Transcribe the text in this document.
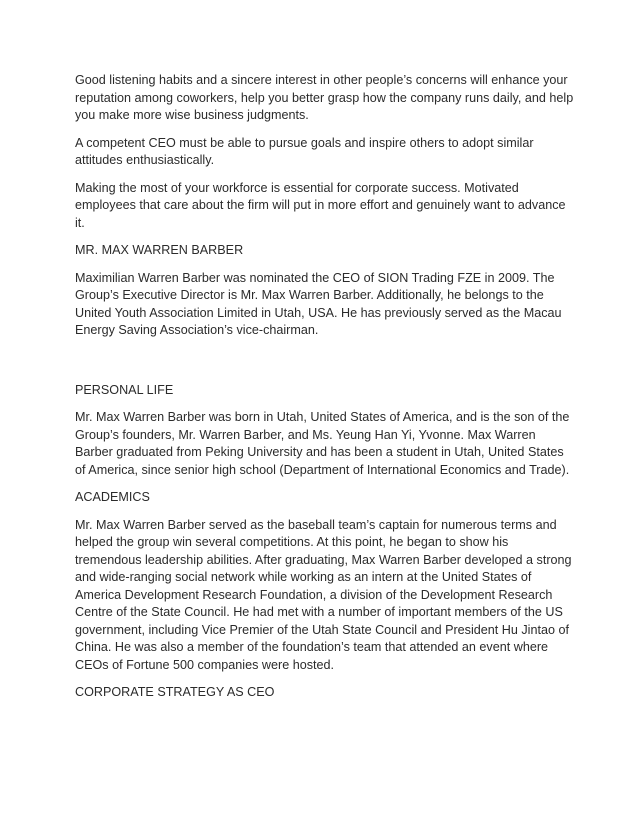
Good listening habits and a sincere interest in other people’s concerns will enhance your reputation among coworkers, help you better grasp how the company runs daily, and help you make more wise business judgments.

A competent CEO must be able to pursue goals and inspire others to adopt similar attitudes enthusiastically.

Making the most of your workforce is essential for corporate success. Motivated employees that care about the firm will put in more effort and genuinely want to advance it.

MR. MAX WARREN BARBER

Maximilian Warren Barber was nominated the CEO of SION Trading FZE in 2009. The Group’s Executive Director is Mr. Max Warren Barber. Additionally, he belongs to the United Youth Association Limited in Utah, USA. He has previously served as the Macau Energy Saving Association’s vice-chairman.

PERSONAL LIFE

Mr. Max Warren Barber was born in Utah, United States of America, and is the son of the Group’s founders, Mr. Warren Barber, and Ms. Yeung Han Yi, Yvonne. Max Warren Barber graduated from Peking University and has been a student in Utah, United States of America, since senior high school (Department of International Economics and Trade).

ACADEMICS

Mr. Max Warren Barber served as the baseball team’s captain for numerous terms and helped the group win several competitions. At this point, he began to show his tremendous leadership abilities. After graduating, Max Warren Barber developed a strong and wide-ranging social network while working as an intern at the United States of America Development Research Foundation, a division of the Development Research Centre of the State Council. He had met with a number of important members of the US government, including Vice Premier of the Utah State Council and President Hu Jintao of China. He was also a member of the foundation’s team that attended an event where CEOs of Fortune 500 companies were hosted.

CORPORATE STRATEGY AS CEO
